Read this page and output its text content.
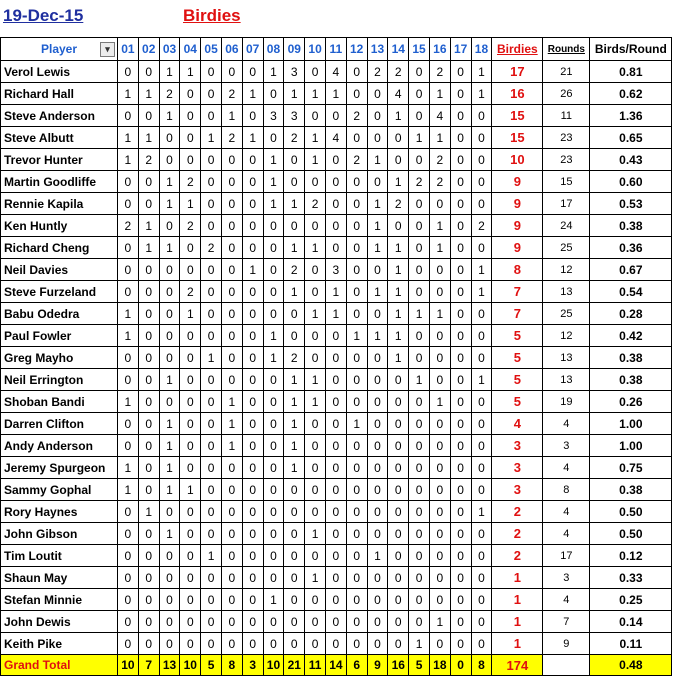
19-Dec-15	Birdies
Player ▾	01	02	03	04	05	06	07	08	09	10	11	12	13	14	15	16	17	18	Birdies	Rounds	Birds/Round
Verol Lewis	0	0	1	1	0	0	0	1	3	0	4	0	2	2	0	2	0	1	17	21	0.81
Richard Hall	1	1	2	0	0	2	1	0	1	1	1	0	0	4	0	1	0	1	16	26	0.62
Steve Anderson	0	0	1	0	0	1	0	3	3	0	0	2	0	1	0	4	0	0	15	11	1.36
Steve Albutt	1	1	0	0	1	2	1	0	2	1	4	0	0	0	1	1	0	0	15	23	0.65
Trevor Hunter	1	2	0	0	0	0	0	1	0	1	0	2	1	0	0	2	0	0	10	23	0.43
Martin Goodliffe	0	0	1	2	0	0	0	1	0	0	0	0	0	1	2	2	0	0	9	15	0.60
Rennie Kapila	0	0	1	1	0	0	0	1	1	2	0	0	1	2	0	0	0	0	9	17	0.53
Ken Huntly	2	1	0	2	0	0	0	0	0	0	0	0	1	0	0	1	0	2	9	24	0.38
Richard Cheng	0	1	1	0	2	0	0	0	1	1	0	0	1	1	0	1	0	0	9	25	0.36
Neil Davies	0	0	0	0	0	0	1	0	2	0	3	0	0	1	0	0	0	1	8	12	0.67
Steve Furzeland	0	0	0	2	0	0	0	0	1	0	1	0	1	1	0	0	0	1	7	13	0.54
Babu Odedra	1	0	0	1	0	0	0	0	0	1	1	0	0	1	1	1	0	0	7	25	0.28
Paul Fowler	1	0	0	0	0	0	0	1	0	0	0	1	1	1	0	0	0	0	5	12	0.42
Greg Mayho	0	0	0	0	1	0	0	1	2	0	0	0	0	1	0	0	0	0	5	13	0.38
Neil Errington	0	0	1	0	0	0	0	0	1	1	0	0	0	0	1	0	0	1	5	13	0.38
Shoban Bandi	1	0	0	0	0	1	0	0	1	1	0	0	0	0	0	1	0	0	5	19	0.26
Darren Clifton	0	0	1	0	0	1	0	0	1	0	0	1	0	0	0	0	0	0	4	4	1.00
Andy Anderson	0	0	1	0	0	1	0	0	1	0	0	0	0	0	0	0	0	0	3	3	1.00
Jeremy Spurgeon	1	0	1	0	0	0	0	0	1	0	0	0	0	0	0	0	0	0	3	4	0.75
Sammy Gophal	1	0	1	1	0	0	0	0	0	0	0	0	0	0	0	0	0	0	3	8	0.38
Rory Haynes	0	1	0	0	0	0	0	0	0	0	0	0	0	0	0	0	0	1	2	4	0.50
John Gibson	0	0	1	0	0	0	0	0	0	1	0	0	0	0	0	0	0	0	2	4	0.50
Tim Loutit	0	0	0	0	1	0	0	0	0	0	0	0	1	0	0	0	0	0	2	17	0.12
Shaun May	0	0	0	0	0	0	0	0	0	1	0	0	0	0	0	0	0	0	1	3	0.33
Stefan Minnie	0	0	0	0	0	0	0	1	0	0	0	0	0	0	0	0	0	0	1	4	0.25
John Dewis	0	0	0	0	0	0	0	0	0	0	0	0	0	0	0	1	0	0	1	7	0.14
Keith Pike	0	0	0	0	0	0	0	0	0	0	0	0	0	0	1	0	0	0	1	9	0.11
Grand Total	10	7	13	10	5	8	3	10	21	11	14	6	9	16	5	18	0	8	174		0.48
